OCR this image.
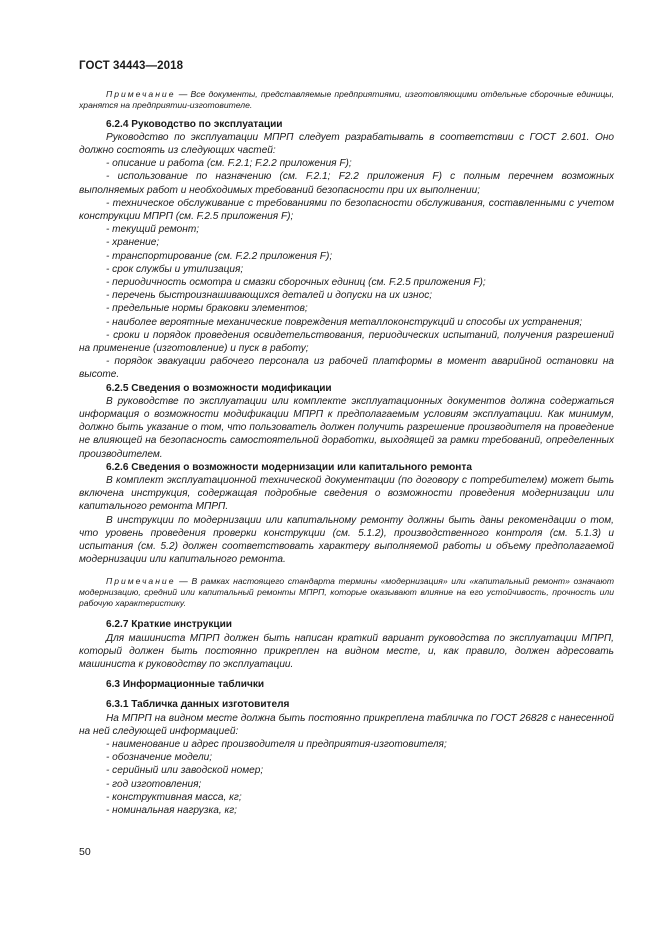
ГОСТ 34443—2018

Примечание — Все документы, представляемые предприятиями, изготовляющими отдельные сборочные единицы, хранятся на предприятии-изготовителе.

6.2.4 Руководство по эксплуатации

Руководство по эксплуатации МПРП следует разрабатывать в соответствии с ГОСТ 2.601. Оно должно состоять из следующих частей:

- описание и работа (см. F.2.1; F.2.2 приложения F);

- использование по назначению (см. F.2.1; F2.2 приложения F) с полным перечнем возможных выполняемых работ и необходимых требований безопасности при их выполнении;

- техническое обслуживание с требованиями по безопасности обслуживания, составленными с учетом конструкции МПРП (см. F.2.5 приложения F);

- текущий ремонт;

- хранение;

- транспортирование (см. F.2.2 приложения F);

- срок службы и утилизация;

- периодичность осмотра и смазки сборочных единиц (см. F.2.5 приложения F);

- перечень быстроизнашивающихся деталей и допуски на их износ;

- предельные нормы браковки элементов;

- наиболее вероятные механические повреждения металлоконструкций и способы их устранения;

- сроки и порядок проведения освидетельствования, периодических испытаний, получения разрешений на применение (изготовление) и пуск в работу;

- порядок эвакуации рабочего персонала из рабочей платформы в момент аварийной остановки на высоте.

6.2.5 Сведения о возможности модификации

В руководстве по эксплуатации или комплекте эксплуатационных документов должна содержаться информация о возможности модификации МПРП к предполагаемым условиям эксплуатации. Как минимум, должно быть указание о том, что пользователь должен получить разрешение производителя на проведение не влияющей на безопасность самостоятельной доработки, выходящей за рамки требований, определенных производителем.

6.2.6 Сведения о возможности модернизации или капитального ремонта

В комплект эксплуатационной технической документации (по договору с потребителем) может быть включена инструкция, содержащая подробные сведения о возможности проведения модернизации или капитального ремонта МПРП.

В инструкции по модернизации или капитальному ремонту должны быть даны рекомендации о том, что уровень проведения проверки конструкции (см. 5.1.2), производственного контроля (см. 5.1.3) и испытания (см. 5.2) должен соответствовать характеру выполняемой работы и объему предполагаемой модернизации или капитального ремонта.

Примечание — В рамках настоящего стандарта термины «модернизация» или «капитальный ремонт» означают модернизацию, средний или капитальный ремонты МПРП, которые оказывают влияние на его устойчивость, прочность или рабочую характеристику.

6.2.7 Краткие инструкции

Для машиниста МПРП должен быть написан краткий вариант руководства по эксплуатации МПРП, который должен быть постоянно прикреплен на видном месте, и, как правило, должен адресовать машиниста к руководству по эксплуатации.

6.3 Информационные таблички

6.3.1 Табличка данных изготовителя

На МПРП на видном месте должна быть постоянно прикреплена табличка по ГОСТ 26828 с нанесенной на ней следующей информацией:

- наименование и адрес производителя и предприятия-изготовителя;

- обозначение модели;

- серийный или заводской номер;

- год изготовления;

- конструктивная масса, кг;

- номинальная нагрузка, кг;

50
